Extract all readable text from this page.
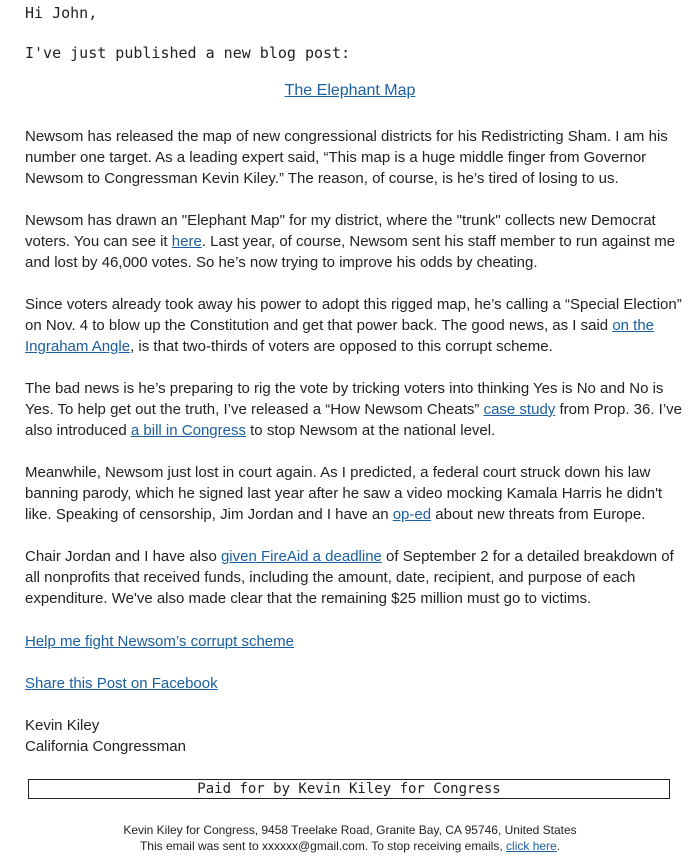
Hi John,
I've just published a new blog post:
The Elephant Map

Newsom has released the map of new congressional districts for his Redistricting Sham. I am his number one target. As a leading expert said, “This map is a huge middle finger from Governor Newsom to Congressman Kevin Kiley.” The reason, of course, is he’s tired of losing to us.

Newsom has drawn an "Elephant Map" for my district, where the "trunk" collects new Democrat voters. You can see it here. Last year, of course, Newsom sent his staff member to run against me and lost by 46,000 votes. So he’s now trying to improve his odds by cheating.

Since voters already took away his power to adopt this rigged map, he’s calling a “Special Election” on Nov. 4 to blow up the Constitution and get that power back. The good news, as I said on the Ingraham Angle, is that two-thirds of voters are opposed to this corrupt scheme.

The bad news is he’s preparing to rig the vote by tricking voters into thinking Yes is No and No is Yes. To help get out the truth, I’ve released a “How Newsom Cheats” case study from Prop. 36. I’ve also introduced a bill in Congress to stop Newsom at the national level.

Meanwhile, Newsom just lost in court again. As I predicted, a federal court struck down his law banning parody, which he signed last year after he saw a video mocking Kamala Harris he didn't like. Speaking of censorship, Jim Jordan and I have an op-ed about new threats from Europe.

Chair Jordan and I have also given FireAid a deadline of September 2 for a detailed breakdown of all nonprofits that received funds, including the amount, date, recipient, and purpose of each expenditure. We've also made clear that the remaining $25 million must go to victims.

Help me fight Newsom’s corrupt scheme
Share this Post on Facebook
Kevin Kiley
California Congressman
Paid for by Kevin Kiley for Congress
Kevin Kiley for Congress, 9458 Treelake Road, Granite Bay, CA 95746, United States
This email was sent to xxxxxx@gmail.com. To stop receiving emails, click here.
